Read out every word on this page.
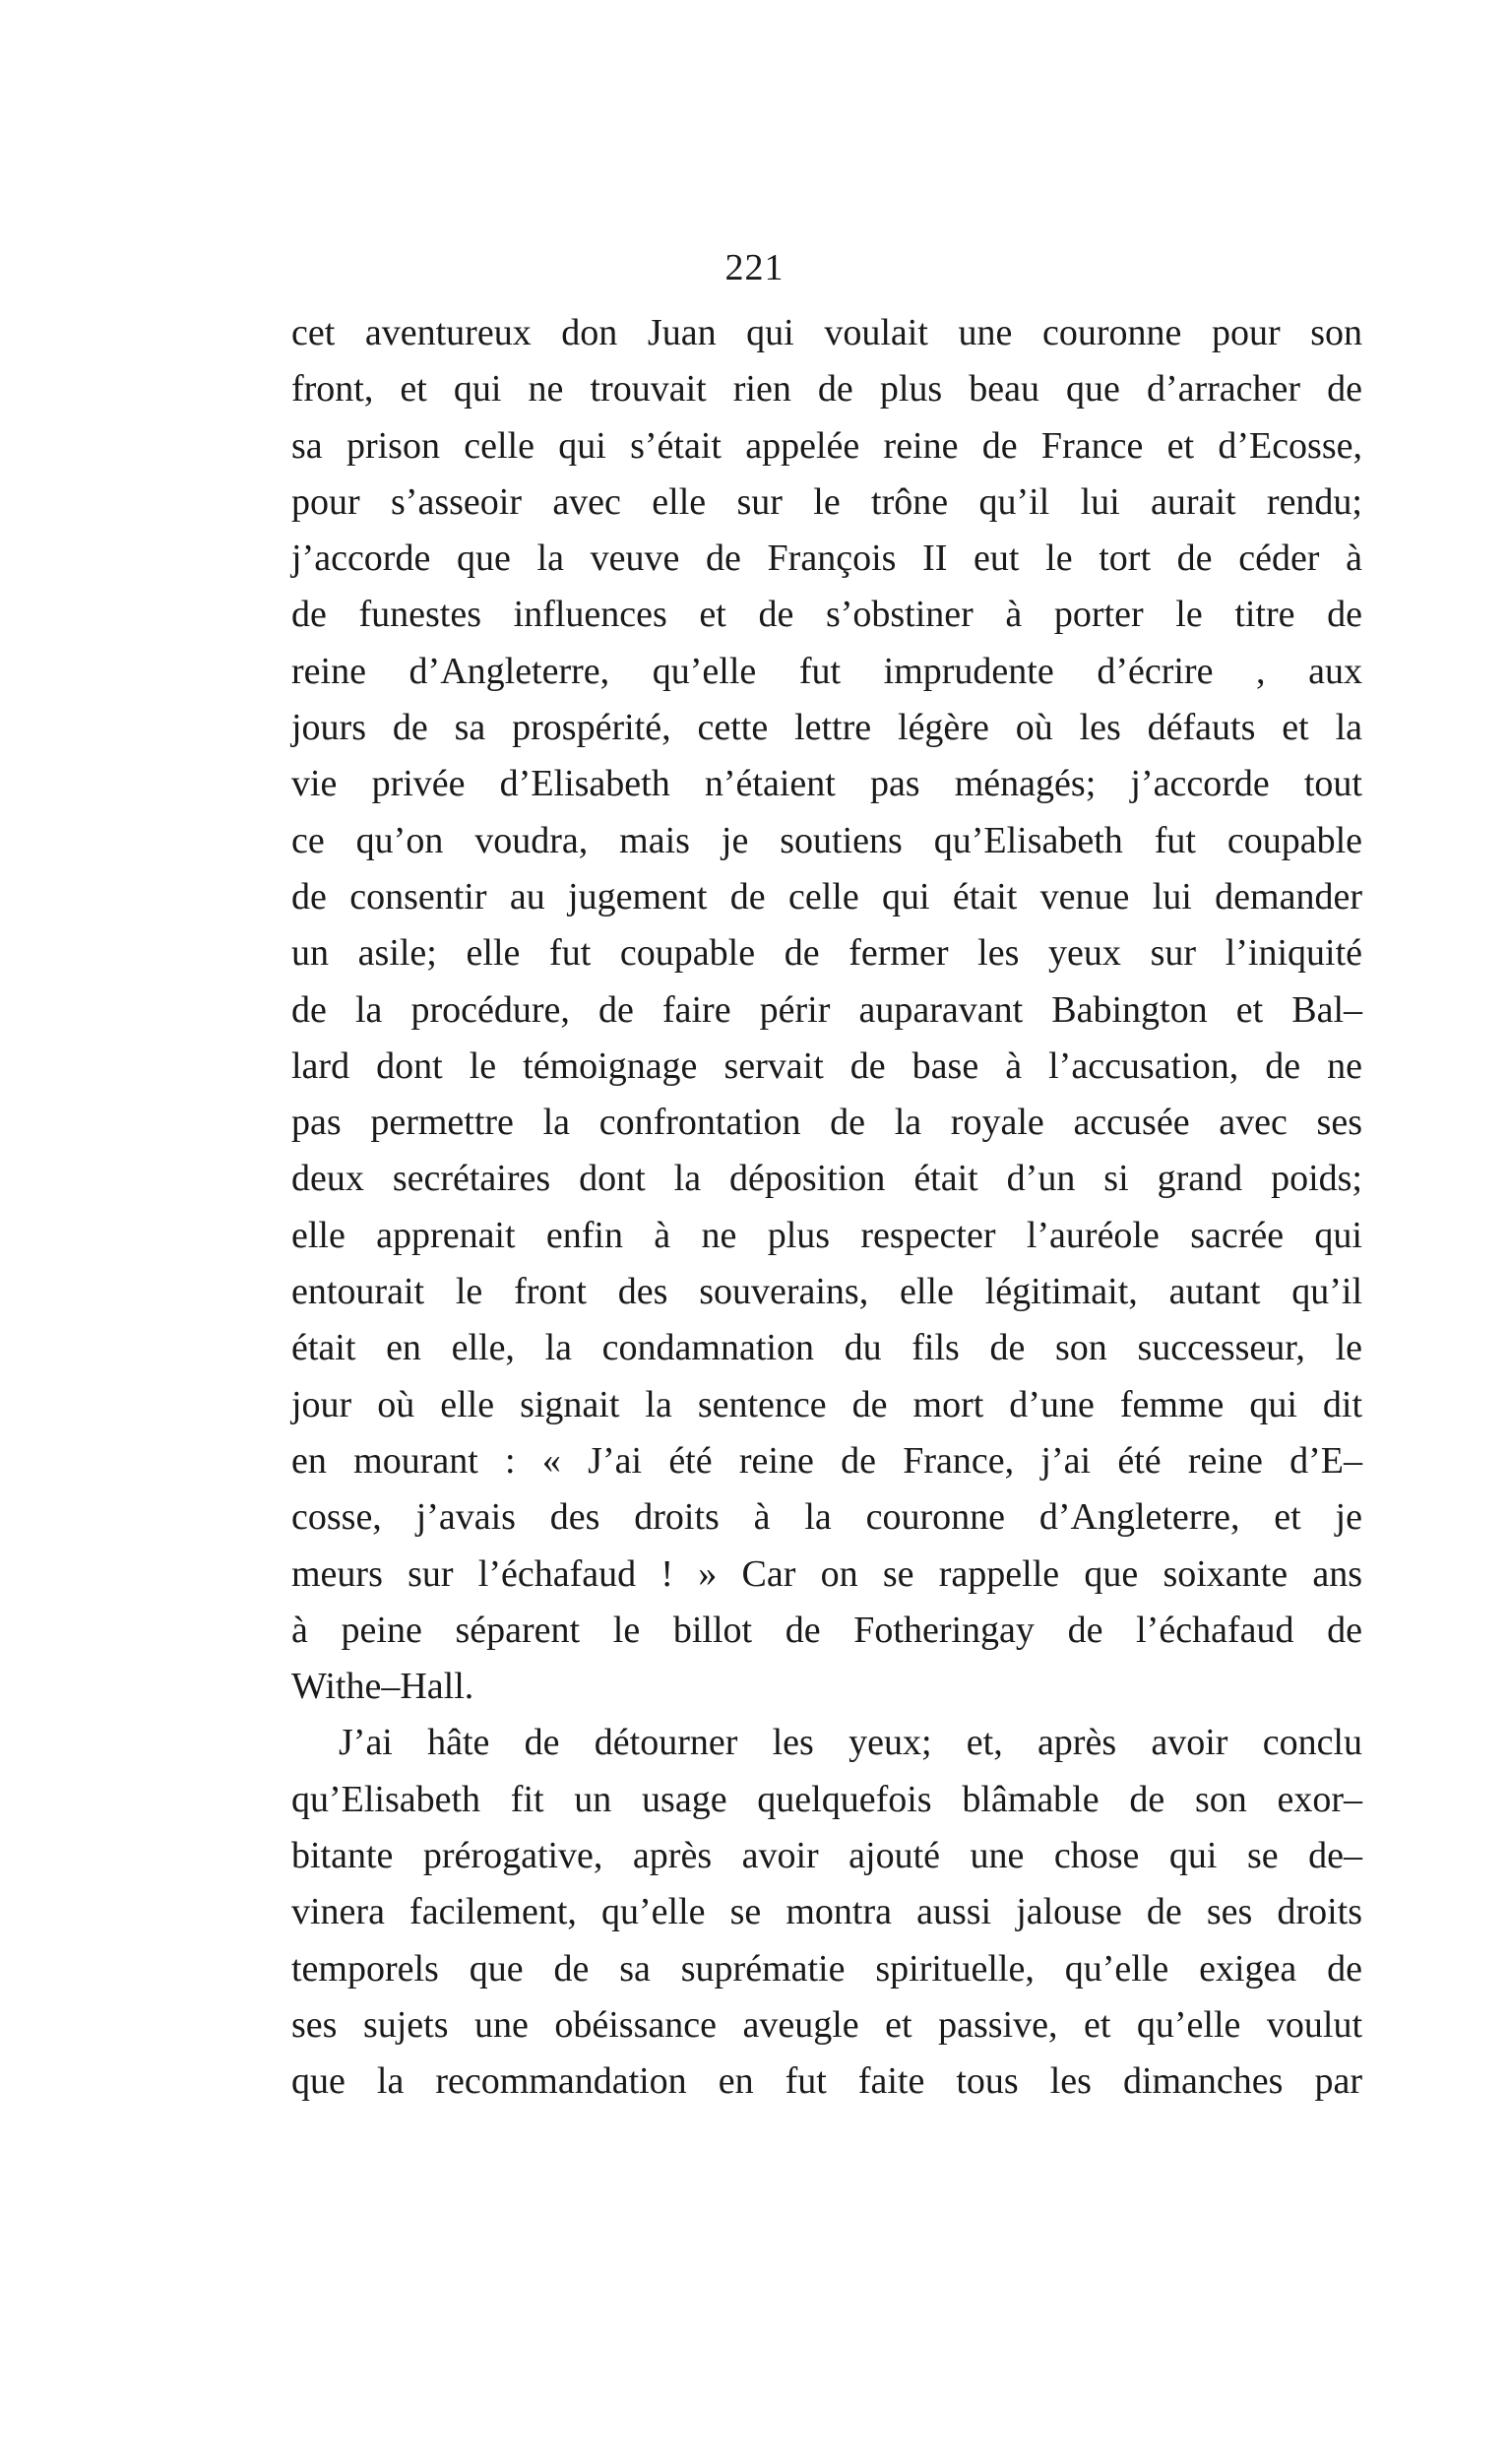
221
cet aventureux don Juan qui voulait une couronne pour son
front, et qui ne trouvait rien de plus beau que d’arracher de
sa prison celle qui s’était appelée reine de France et d’Ecosse,
pour s’asseoir avec elle sur le trône qu’il lui aurait rendu;
j’accorde que la veuve de François II eut le tort de céder à
de funestes influences et de s’obstiner à porter le titre de
reine d’Angleterre, qu’elle fut imprudente d’écrire , aux
jours de sa prospérité, cette lettre légère où les défauts et la
vie privée d’Elisabeth n’étaient pas ménagés; j’accorde tout
ce qu’on voudra, mais je soutiens qu’Elisabeth fut coupable
de consentir au jugement de celle qui était venue lui demander
un asile; elle fut coupable de fermer les yeux sur l’iniquité
de la procédure, de faire périr auparavant Babington et Bal–
lard dont le témoignage servait de base à l’accusation, de ne
pas permettre la confrontation de la royale accusée avec ses
deux secrétaires dont la déposition était d’un si grand poids;
elle apprenait enfin à ne plus respecter l’auréole sacrée qui
entourait le front des souverains, elle légitimait, autant qu’il
était en elle, la condamnation du fils de son successeur, le
jour où elle signait la sentence de mort d’une femme qui dit
en mourant : « J’ai été reine de France, j’ai été reine d’E–
cosse, j’avais des droits à la couronne d’Angleterre, et je
meurs sur l’échafaud ! » Car on se rappelle que soixante ans
à peine séparent le billot de Fotheringay de l’échafaud de
Withe–Hall.
J’ai hâte de détourner les yeux; et, après avoir conclu
qu’Elisabeth fit un usage quelquefois blâmable de son exor–
bitante prérogative, après avoir ajouté une chose qui se de–
vinera facilement, qu’elle se montra aussi jalouse de ses droits
temporels que de sa suprématie spirituelle, qu’elle exigea de
ses sujets une obéissance aveugle et passive, et qu’elle voulut
que la recommandation en fut faite tous les dimanches par
